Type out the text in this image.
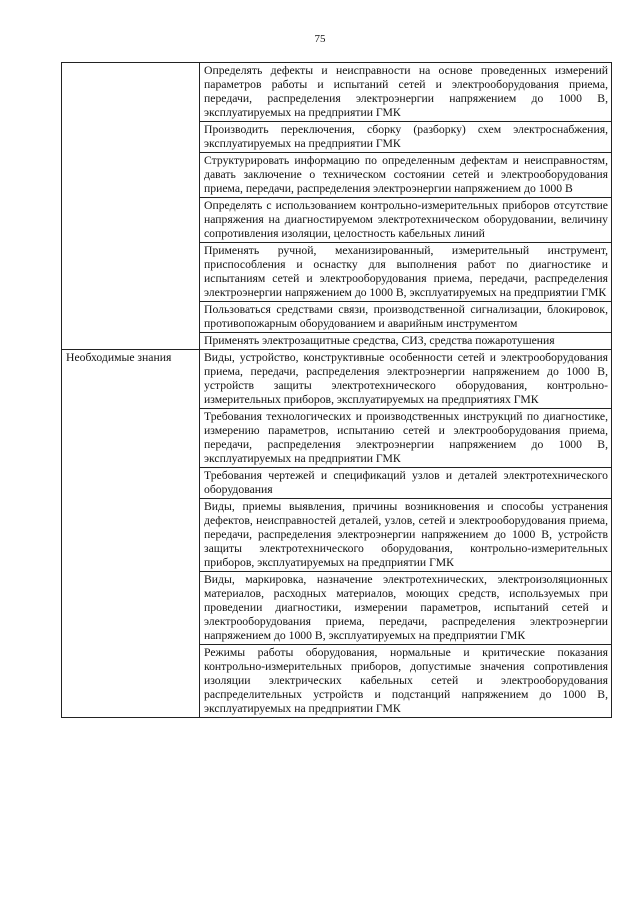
75

	Определять дефекты и неисправности на основе проведенных измерений параметров работы и испытаний сетей и электрооборудования приема, передачи, распределения электроэнергии напряжением до 1000 В, эксплуатируемых на предприятии ГМК

	Производить переключения, сборку (разборку) схем электроснабжения, эксплуатируемых на предприятии ГМК

	Структурировать информацию по определенным дефектам и неисправностям, давать заключение о техническом состоянии сетей и электрооборудования приема, передачи, распределения электроэнергии напряжением до 1000 В

	Определять с использованием контрольно-измерительных приборов отсутствие напряжения на диагностируемом электротехническом оборудовании, величину сопротивления изоляции, целостность кабельных линий

	Применять ручной, механизированный, измерительный инструмент, приспособления и оснастку для выполнения работ по диагностике и испытаниям сетей и электрооборудования приема, передачи, распределения электроэнергии напряжением до 1000 В, эксплуатируемых на предприятии ГМК

	Пользоваться средствами связи, производственной сигнализации, блокировок, противопожарным оборудованием и аварийным инструментом

	Применять электрозащитные средства, СИЗ, средства пожаротушения

Необходимые знания	Виды, устройство, конструктивные особенности сетей и электрооборудования приема, передачи, распределения электроэнергии напряжением до 1000 В, устройств защиты электротехнического оборудования, контрольно-измерительных приборов, эксплуатируемых на предприятиях ГМК

	Требования технологических и производственных инструкций по диагностике, измерению параметров, испытанию сетей и электрооборудования приема, передачи, распределения электроэнергии напряжением до 1000 В, эксплуатируемых на предприятии ГМК

	Требования чертежей и спецификаций узлов и деталей электротехнического оборудования

	Виды, приемы выявления, причины возникновения и способы устранения дефектов, неисправностей деталей, узлов, сетей и электрооборудования приема, передачи, распределения электроэнергии напряжением до 1000 В, устройств защиты электротехнического оборудования, контрольно-измерительных приборов, эксплуатируемых на предприятии ГМК

	Виды, маркировка, назначение электротехнических, электроизоляционных материалов, расходных материалов, моющих средств, используемых при проведении диагностики, измерении параметров, испытаний сетей и электрооборудования приема, передачи, распределения электроэнергии напряжением до 1000 В, эксплуатируемых на предприятии ГМК

	Режимы работы оборудования, нормальные и критические показания контрольно-измерительных приборов, допустимые значения сопротивления изоляции электрических кабельных сетей и электрооборудования распределительных устройств и подстанций напряжением до 1000 В, эксплуатируемых на предприятии ГМК
